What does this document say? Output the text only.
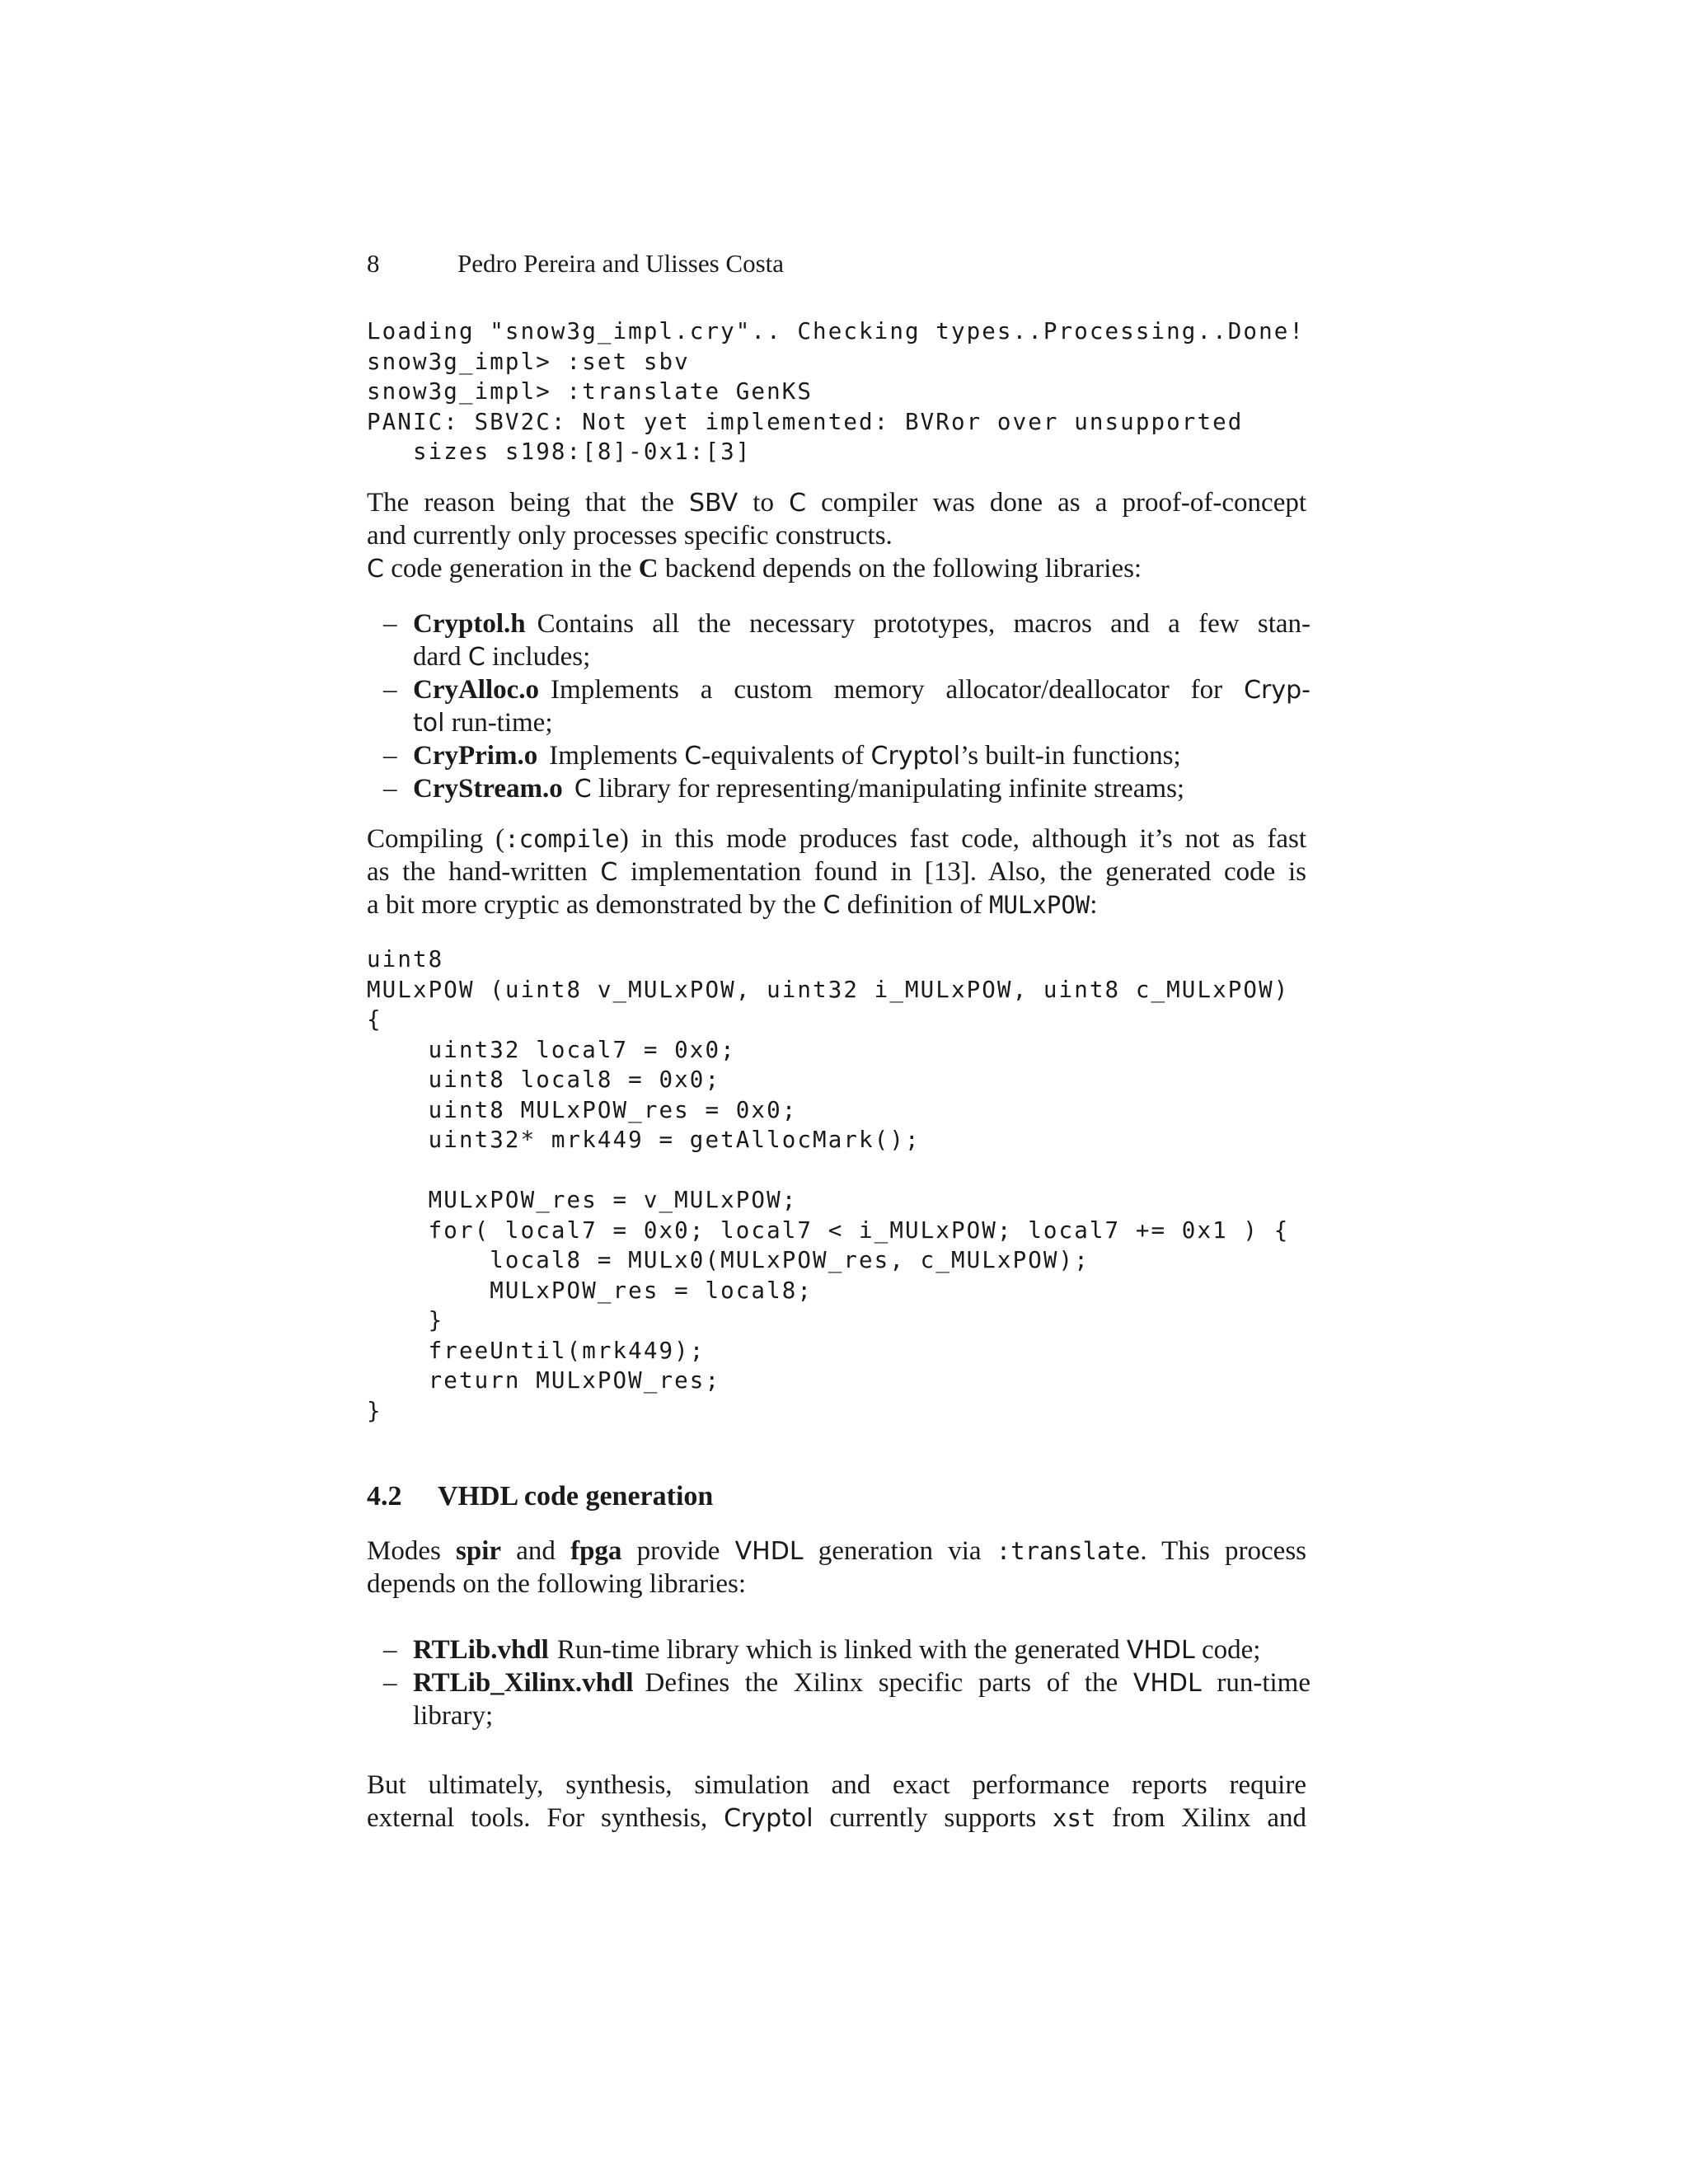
8	Pedro Pereira and Ulisses Costa
Loading "snow3g_impl.cry".. Checking types..Processing..Done!
snow3g_impl> :set sbv
snow3g_impl> :translate GenKS
PANIC: SBV2C: Not yet implemented: BVRor over unsupported
sizes s198:[8]-0x1:[3]
The reason being that the SBV to C compiler was done as a proof-of-concept
and currently only processes specific constructs.
C code generation in the C backend depends on the following libraries:
– Cryptol.h Contains all the necessary prototypes, macros and a few stan-
dard C includes;
– CryAlloc.o Implements a custom memory allocator/deallocator for Cryp-
tol run-time;
– CryPrim.o Implements C-equivalents of Cryptol’s built-in functions;
– CryStream.o C library for representing/manipulating infinite streams;
Compiling (:compile) in this mode produces fast code, although it’s not as fast
as the hand-written C implementation found in [13]. Also, the generated code is
a bit more cryptic as demonstrated by the C definition of MULxPOW:
uint8
MULxPOW (uint8 v_MULxPOW, uint32 i_MULxPOW, uint8 c_MULxPOW)
{
uint32 local7 = 0x0;
uint8 local8 = 0x0;
uint8 MULxPOW_res = 0x0;
uint32* mrk449 = getAllocMark();
MULxPOW_res = v_MULxPOW;
for( local7 = 0x0; local7 < i_MULxPOW; local7 += 0x1 ) {
local8 = MULx0(MULxPOW_res, c_MULxPOW);
MULxPOW_res = local8;
}
freeUntil(mrk449);
return MULxPOW_res;
}
4.2 VHDL code generation
Modes spir and fpga provide VHDL generation via :translate. This process
depends on the following libraries:
– RTLib.vhdl Run-time library which is linked with the generated VHDL code;
– RTLib_Xilinx.vhdl Defines the Xilinx specific parts of the VHDL run-time
library;
But ultimately, synthesis, simulation and exact performance reports require
external tools. For synthesis, Cryptol currently supports xst from Xilinx and
